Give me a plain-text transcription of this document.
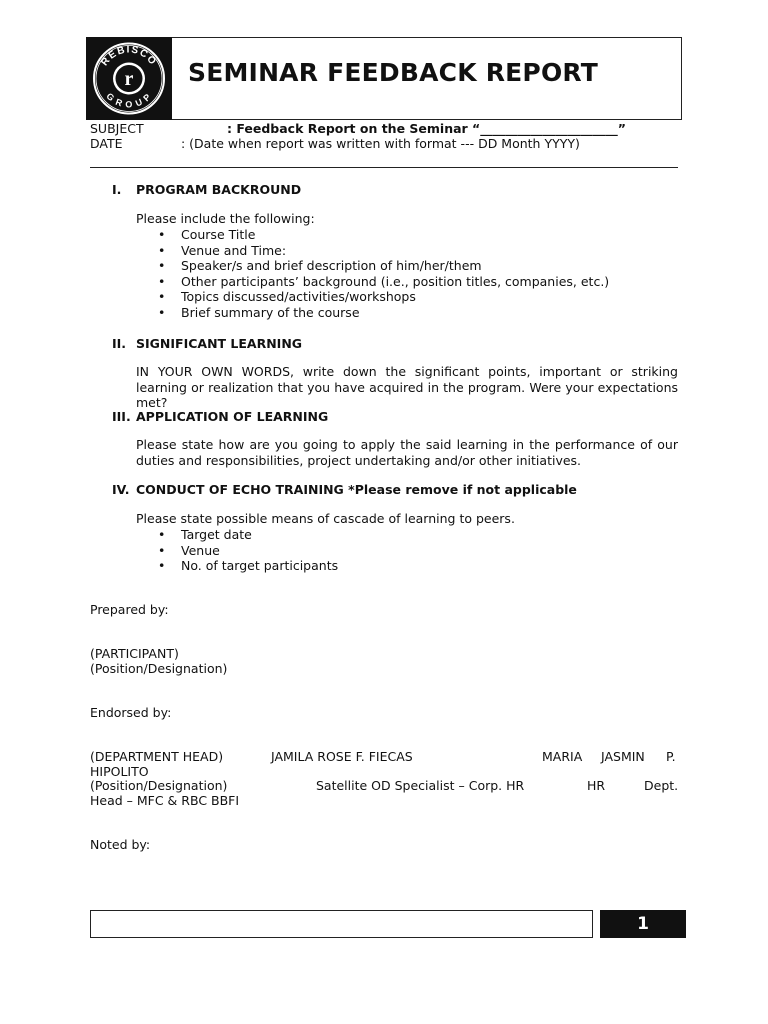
REBISCO
GROUP
r SEMINAR FEEDBACK REPORT
SUBJECT	: Feedback Report on the Seminar “______________________”
DATE	: (Date when report was written with format --- DD Month YYYY)
I. PROGRAM BACKROUND
Please include the following:
• Course Title
• Venue and Time:
• Speaker/s and brief description of him/her/them
• Other participants’ background (i.e., position titles, companies, etc.)
• Topics discussed/activities/workshops
• Brief summary of the course
II. SIGNIFICANT LEARNING
IN YOUR OWN WORDS, write down the significant points, important or striking learning or realization that you have acquired in the program. Were your expectations met?
III. APPLICATION OF LEARNING
Please state how are you going to apply the said learning in the performance of our duties and responsibilities, project undertaking and/or other initiatives.
IV. CONDUCT OF ECHO TRAINING *Please remove if not applicable
Please state possible means of cascade of learning to peers.
• Target date
• Venue
• No. of target participants
Prepared by:
(PARTICIPANT)
(Position/Designation)
Endorsed by:
(DEPARTMENT HEAD)	JAMILA ROSE F. FIECAS	MARIA JASMIN P.
HIPOLITO
(Position/Designation)	Satellite OD Specialist – Corp. HR	HR	Dept.
Head – MFC & RBC BBFI
Noted by:
1
